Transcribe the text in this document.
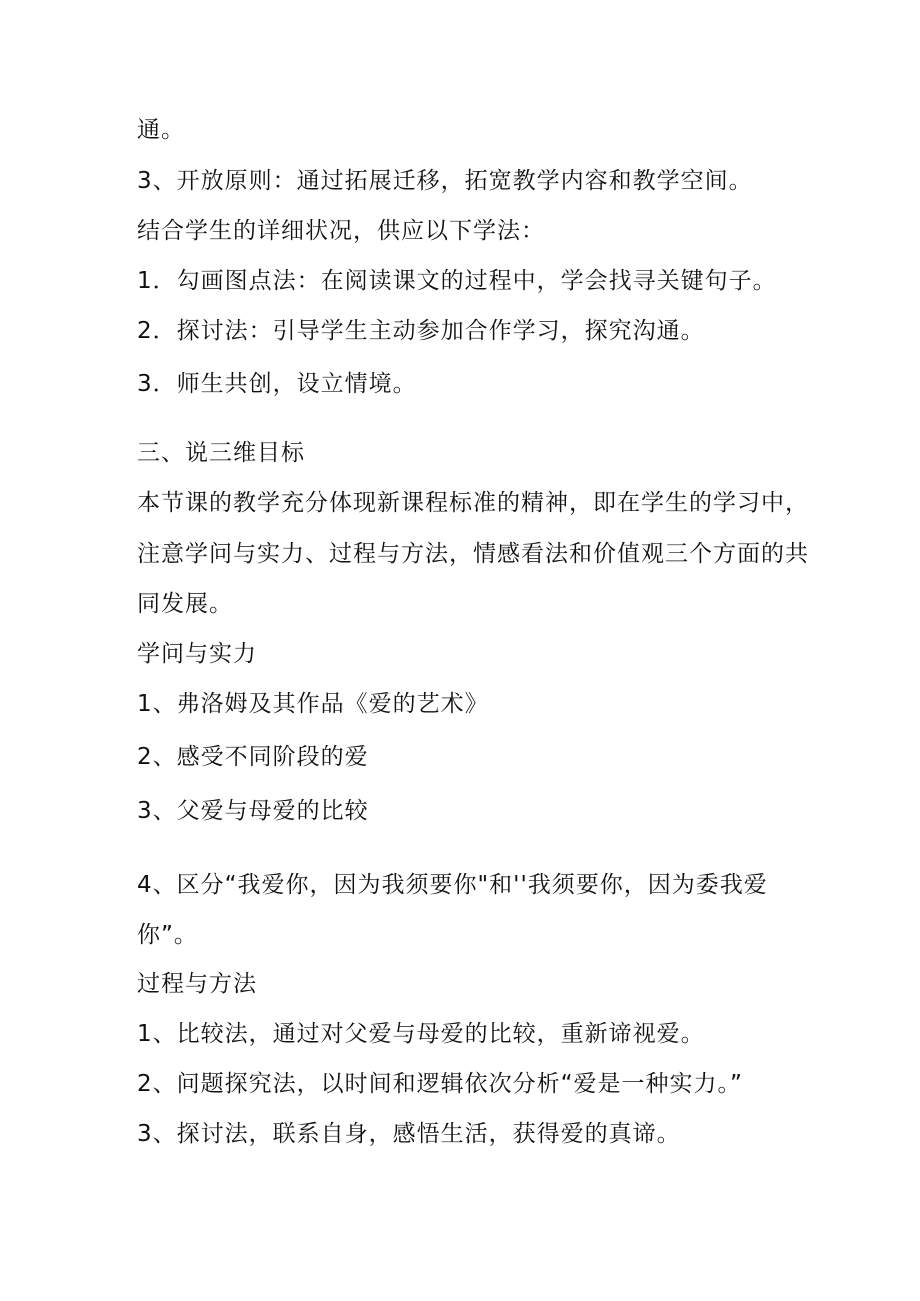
通。
3、开放原则：通过拓展迁移，拓宽教学内容和教学空间。
结合学生的详细状况，供应以下学法：
1．勾画图点法：在阅读课文的过程中，学会找寻关键句子。
2．探讨法：引导学生主动参加合作学习，探究沟通。
3．师生共创，设立情境。
三、说三维目标
本节课的教学充分体现新课程标准的精神，即在学生的学习中，
注意学问与实力、过程与方法，情感看法和价值观三个方面的共
同发展。
学问与实力
1、弗洛姆及其作品《爱的艺术》
2、感受不同阶段的爱
3、父爱与母爱的比较
4、区分“我爱你，因为我须要你"和''我须要你，因为委我爱
你”。
过程与方法
1、比较法，通过对父爱与母爱的比较，重新谛视爱。
2、问题探究法，以时间和逻辑依次分析“爱是一种实力。”
3、探讨法，联系自身，感悟生活，获得爱的真谛。
